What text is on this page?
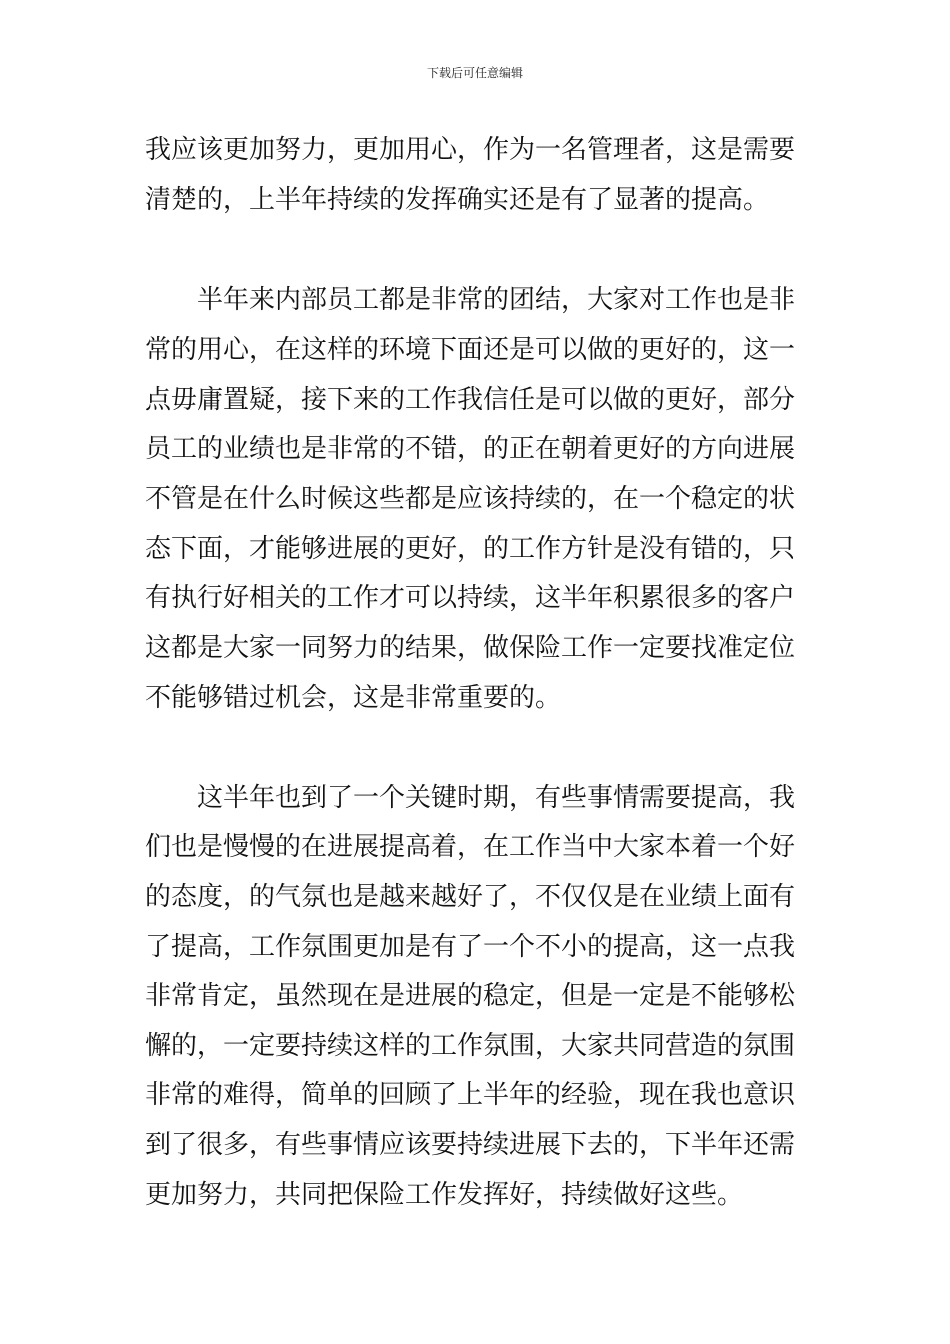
下载后可任意编辑
我应该更加努力，更加用心，作为一名管理者，这是需要
清楚的，上半年持续的发挥确实还是有了显著的提高。
半年来内部员工都是非常的团结，大家对工作也是非
常的用心，在这样的环境下面还是可以做的更好的，这一
点毋庸置疑，接下来的工作我信任是可以做的更好，部分
员工的业绩也是非常的不错，的正在朝着更好的方向进展
不管是在什么时候这些都是应该持续的，在一个稳定的状
态下面，才能够进展的更好，的工作方针是没有错的，只
有执行好相关的工作才可以持续，这半年积累很多的客户
这都是大家一同努力的结果，做保险工作一定要找准定位
不能够错过机会，这是非常重要的。
这半年也到了一个关键时期，有些事情需要提高，我
们也是慢慢的在进展提高着，在工作当中大家本着一个好
的态度，的气氛也是越来越好了，不仅仅是在业绩上面有
了提高，工作氛围更加是有了一个不小的提高，这一点我
非常肯定，虽然现在是进展的稳定，但是一定是不能够松
懈的，一定要持续这样的工作氛围，大家共同营造的氛围
非常的难得，简单的回顾了上半年的经验，现在我也意识
到了很多，有些事情应该要持续进展下去的，下半年还需
更加努力，共同把保险工作发挥好，持续做好这些。
